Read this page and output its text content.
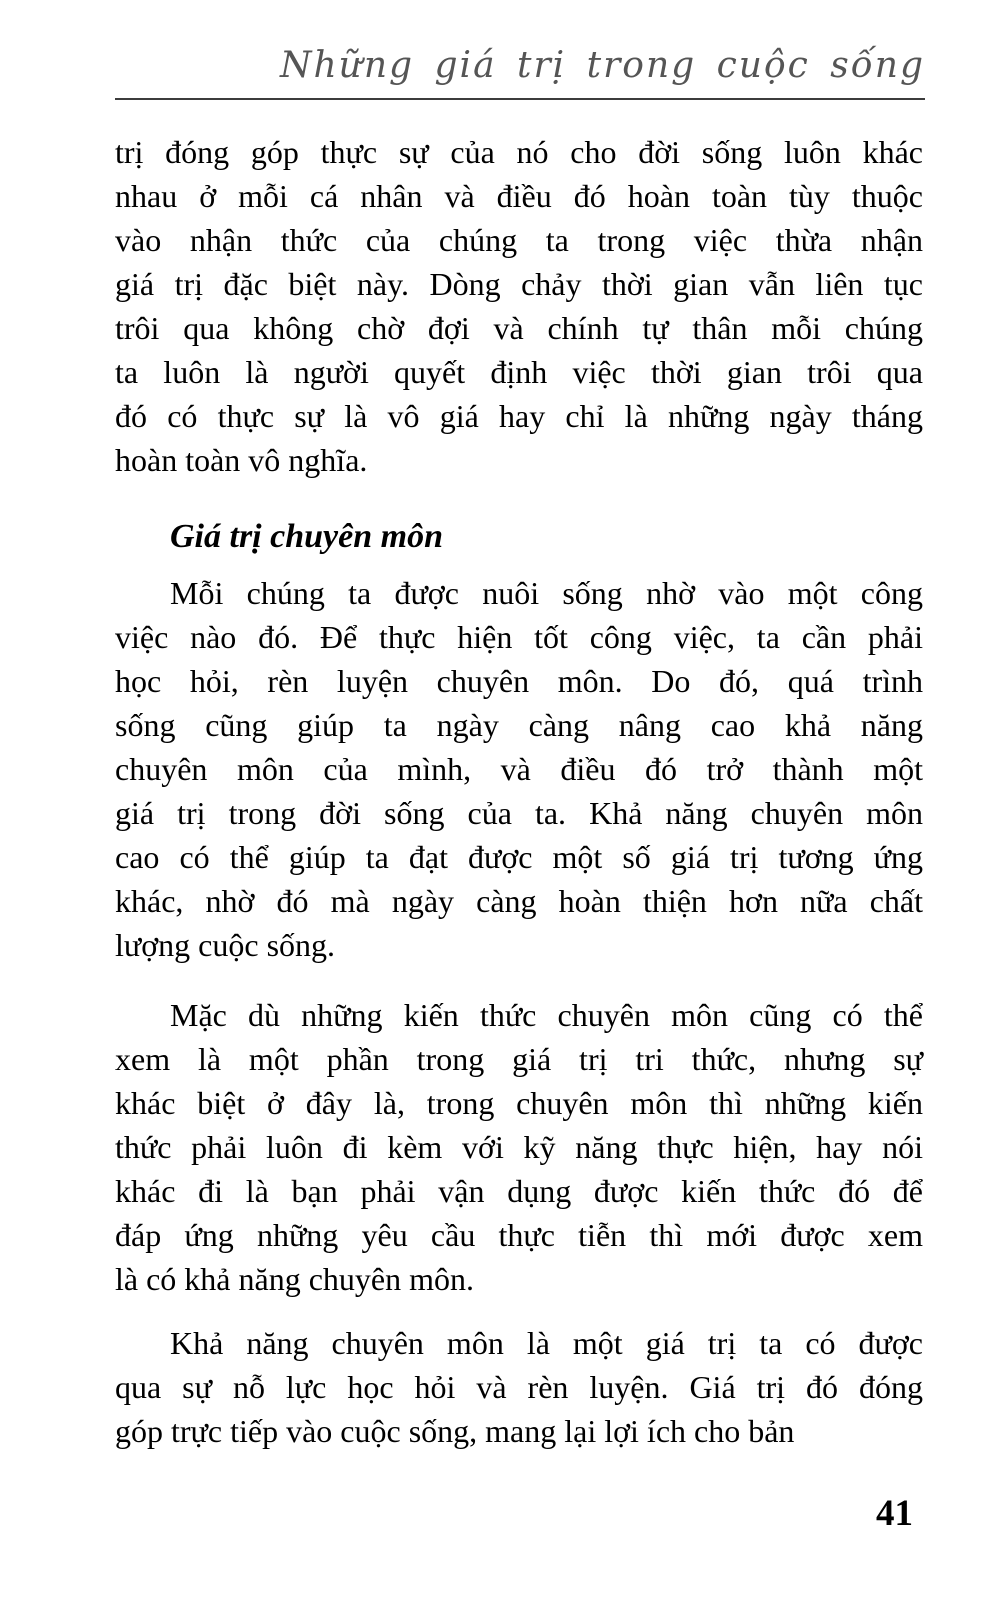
Những giá trị trong cuộc sống
trị đóng góp thực sự của nó cho đời sống luôn khác
nhau ở mỗi cá nhân và điều đó hoàn toàn tùy thuộc
vào nhận thức của chúng ta trong việc thừa nhận
giá trị đặc biệt này. Dòng chảy thời gian vẫn liên tục
trôi qua không chờ đợi và chính tự thân mỗi chúng
ta luôn là người quyết định việc thời gian trôi qua
đó có thực sự là vô giá hay chỉ là những ngày tháng
hoàn toàn vô nghĩa.
Giá trị chuyên môn
Mỗi chúng ta được nuôi sống nhờ vào một công
việc nào đó. Để thực hiện tốt công việc, ta cần phải
học hỏi, rèn luyện chuyên môn. Do đó, quá trình
sống cũng giúp ta ngày càng nâng cao khả năng
chuyên môn của mình, và điều đó trở thành một
giá trị trong đời sống của ta. Khả năng chuyên môn
cao có thể giúp ta đạt được một số giá trị tương ứng
khác, nhờ đó mà ngày càng hoàn thiện hơn nữa chất
lượng cuộc sống.
Mặc dù những kiến thức chuyên môn cũng có thể
xem là một phần trong giá trị tri thức, nhưng sự
khác biệt ở đây là, trong chuyên môn thì những kiến
thức phải luôn đi kèm với kỹ năng thực hiện, hay nói
khác đi là bạn phải vận dụng được kiến thức đó để
đáp ứng những yêu cầu thực tiễn thì mới được xem
là có khả năng chuyên môn.
Khả năng chuyên môn là một giá trị ta có được
qua sự nỗ lực học hỏi và rèn luyện. Giá trị đó đóng
góp trực tiếp vào cuộc sống, mang lại lợi ích cho bản
41
